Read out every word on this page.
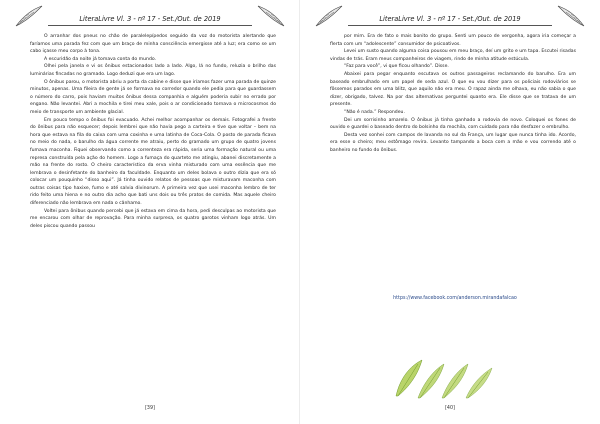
LiteraLivre Vl. 3 - nº 17 - Set./Out. de 2019

O arranhar dos pneus no chão de paralelepípedos seguido da voz do motorista alertando que faríamos uma parada fez com que um braço de minha consciência emergisse até a luz; era como se um cabo içasse meu corpo à tona.

A escuridão da noite já tomava conta do mundo.

Olhei pela janela e vi os ônibus estacionados lado a lado. Algo, lá no fundo, reluzia o brilho das luminárias fincadas no gramado. Logo deduzi que era um lago.

O ônibus parou, o motorista abriu a porta da cabine e disse que iríamos fazer uma parada de quinze minutos, apenas. Uma fileira de gente já se formava no corredor quando ele pedia para que guardassem o número do carro, pois haviam muitos ônibus dessa companhia e alguém poderia subir no errado por engano. Não levantei. Abri a mochila e tirei meu xale, pois o ar condicionado tornava o microcosmos do meio de transporte um ambiente glacial.

Em pouco tempo o ônibus foi evacuado. Achei melhor acompanhar os demais. Fotografei a frente do ônibus para não esquecer; depois lembrei que não havia pego a carteira e tive que voltar – bem na hora que estava na fila do caixa com uma coxinha e uma latinha de Coca-Cola. O posto de parada ficava no meio do nada, o barulho da água corrente me atraiu, perto do gramado um grupo de quatro jovens fumava maconha. Fiquei observando como a correnteza era rápida, seria uma formação natural ou uma represa construída pela ação do homem. Logo a fumaça do quarteto me atingiu, abanei discretamente a mão na frente do rosto. O cheiro característico da erva vinha misturado com uma essência que me lembrava o desinfetante do banheiro da faculdade. Enquanto um deles bolava o outro dizia que era só colocar um pouquinho “disso aqui”. Já tinha ouvido relatos de pessoas que misturavam maconha com outras coisas tipo haxixe, fumo e até salvia divinorum. A primeira vez que usei maconha lembro de ter rido feito uma hiena e no outro dia acho que bati uns dois ou três pratos de comida. Mas aquele cheiro diferenciado não lembrava em nada o cânhamo.

Voltei para ônibus quando percebi que já estava em cima da hora, pedi desculpas ao motorista que me encarou com olhar de reprovação. Para minha surpresa, os quatro garotos vinham logo atrás. Um deles piscou quando passou

[39]
LiteraLivre Vl. 3 - nº 17 - Set./Out. de 2019

por mim. Era de fato o mais bonito do grupo. Senti um pouco de vergonha, agora iria começar a flerta com um “adolescente” consumidor de psicoativos.

Levei um susto quando alguma coisa pousou em meu braço, deí um grito e um tapa. Escutei risadas vindas de trás. Eram meus companheiros de viagem, rindo de minha atitude estúcula.

“Faz para você”, vi que ficou olhando”. Disse.

Abaixei para pegar enquanto escutava os outros passageiros reclamando do barulho. Era um baseado embrulhado em um papel de seda azul. O que eu vou dizer para os policiais rodoviários se fôssemos parados em uma blitz, que aquilo não era meu. O rapaz ainda me olhava, eu não sabia o que dizer, obrigado, talvez. Na por das alternativas perguntei quanto era. Ele disse que se tratava de um presente.

“Não é nada.” Respondeu.

Dei um sorrisinho amarelo. O ônibus já tinha ganhado a rodovia de novo. Coloquei os fones de ouvido e guardei o baseado dentro do bolsinho da mochila, com cuidado para não desfazer o embrulho.

Desta vez sonhei com campos de lavanda no sul da França, um lugar que nunca tinha ido. Acordo, era esse o cheiro; meu estômago revira. Levanto tampando a boca com a mão e vou correndo até o banheiro no fundo do ônibus.

https://www.facebook.com/anderson.mirandafalcao
[40]
